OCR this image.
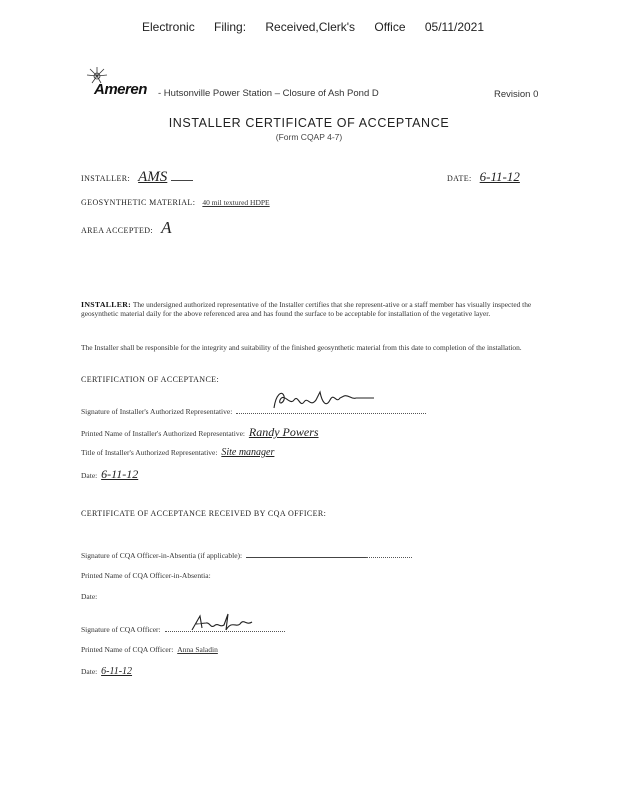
Electronic Filing: Received,Clerk's Office 05/11/2021
Ameren - Hutsonville Power Station – Closure of Ash Pond D	Revision 0
INSTALLER CERTIFICATE OF ACCEPTANCE
(Form CQAP 4-7)
INSTALLER: AMS	DATE: 6-11-12
GEOSYNTHETIC MATERIAL: 40 mil textured HDPE
AREA ACCEPTED: A
INSTALLER: The undersigned authorized representative of the Installer certifies that she represent-ative or a staff member has visually inspected the geosynthetic material daily for the above referenced area and has found the surface to be acceptable for installation of the vegetative layer.
The Installer shall be responsible for the integrity and suitability of the finished geosynthetic material from this date to completion of the installation.
CERTIFICATION OF ACCEPTANCE:
Signature of Installer's Authorized Representative:
Printed Name of Installer's Authorized Representative: Randy Powers
Title of Installer's Authorized Representative: Site manager
Date: 6-11-12
CERTIFICATE OF ACCEPTANCE RECEIVED BY CQA OFFICER:
Signature of CQA Officer-in-Absentia (if applicable):
Printed Name of CQA Officer-in-Absentia:
Date:
Signature of CQA Officer:
Printed Name of CQA Officer: Anna Saladin
Date: 6-11-12
